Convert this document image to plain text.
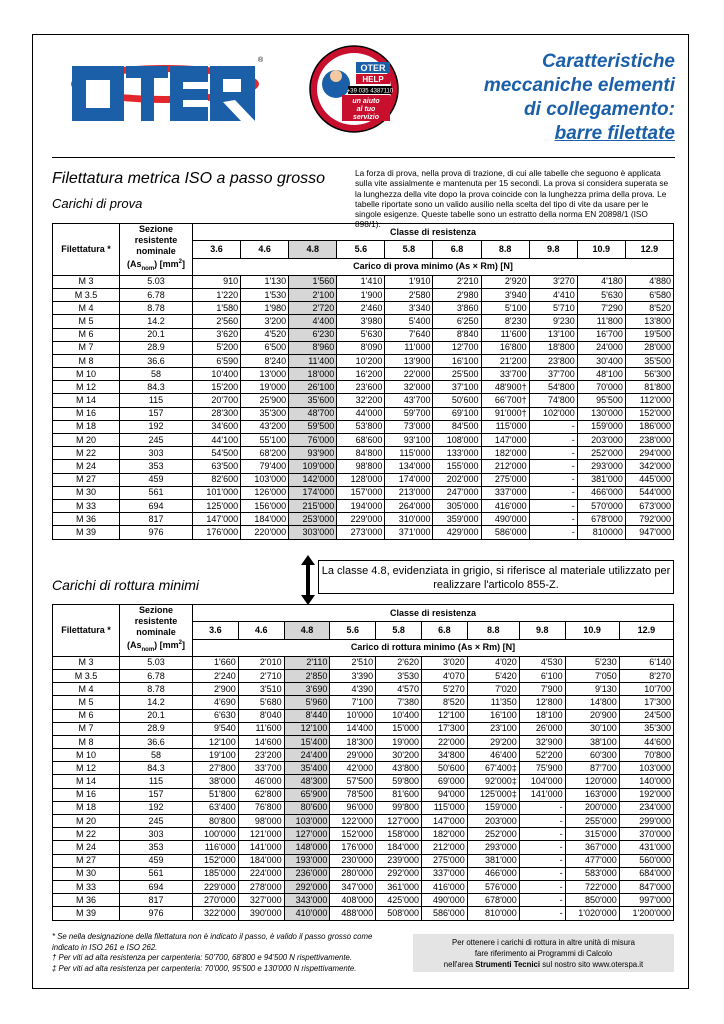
®
OTER
HELP
+39 035 4387110
un aiuto
al tuo
servizio
Caratteristiche
meccaniche elementi
di collegamento:
barre filettate
Filettatura metrica ISO a passo grosso
Carichi di prova
La forza di prova, nella prova di trazione, di cui alle tabelle che seguono è applicata sulla vite assialmente e mantenuta per 15 secondi. La prova si considera superata se la lunghezza della vite dopo la prova coincide con la lunghezza prima della prova. Le tabelle riportate sono un valido ausilio nella scelta del tipo di vite da usare per le singole esigenze. Queste tabelle sono un estratto della norma EN 20898/1 (ISO 898/1).
Filettatura *	Sezione
resistente
nominale
$(As_{nom})$ $[mm^2]$	Classe di resistenza									
		3.6	4.6	4.8	5.6	5.8	6.8	8.8	9.8	10.9	12.9
		Carico di prova minimo (As × Rm) [N]									
M 3	5.03	910	1'130	1'560	1'410	1'910	2'210	2'920	3'270	4'180	4'880
M 3.5	6.78	1'220	1'530	2'100	1'900	2'580	2'980	3'940	4'410	5'630	6'580
M 4	8.78	1'580	1'980	2'720	2'460	3'340	3'860	5'100	5'710	7'290	8'520
M 5	14.2	2'560	3'200	4'400	3'980	5'400	6'250	8'230	9'230	11'800	13'800
M 6	20.1	3'620	4'520	6'230	5'630	7'640	8'840	11'600	13'100	16'700	19'500
M 7	28.9	5'200	6'500	8'960	8'090	11'000	12'700	16'800	18'800	24'000	28'000
M 8	36.6	6'590	8'240	11'400	10'200	13'900	16'100	21'200	23'800	30'400	35'500
M 10	58	10'400	13'000	18'000	16'200	22'000	25'500	33'700	37'700	48'100	56'300
M 12	84.3	15'200	19'000	26'100	23'600	32'000	37'100	48'900†	54'800	70'000	81'800
M 14	115	20'700	25'900	35'600	32'200	43'700	50'600	66'700†	74'800	95'500	112'000
M 16	157	28'300	35'300	48'700	44'000	59'700	69'100	91'000†	102'000	130'000	152'000
M 18	192	34'600	43'200	59'500	53'800	73'000	84'500	115'000	-	159'000	186'000
M 20	245	44'100	55'100	76'000	68'600	93'100	108'000	147'000	-	203'000	238'000
M 22	303	54'500	68'200	93'900	84'800	115'000	133'000	182'000	-	252'000	294'000
M 24	353	63'500	79'400	109'000	98'800	134'000	155'000	212'000	-	293'000	342'000
M 27	459	82'600	103'000	142'000	128'000	174'000	202'000	275'000	-	381'000	445'000
M 30	561	101'000	126'000	174'000	157'000	213'000	247'000	337'000	-	466'000	544'000
M 33	694	125'000	156'000	215'000	194'000	264'000	305'000	416'000	-	570'000	673'000
M 36	817	147'000	184'000	253'000	229'000	310'000	359'000	490'000	-	678'000	792'000
M 39	976	176'000	220'000	303'000	273'000	371'000	429'000	586'000	-	810000	947'000
La classe 4.8, evidenziata in grigio, si riferisce al materiale utilizzato per realizzare l'articolo 855-Z.
Carichi di rottura minimi
Filettatura *	Sezione
resistente
nominale
$(As_{nom})$ $[mm^2]$	Classe di resistenza									
		3.6	4.6	4.8	5.6	5.8	6.8	8.8	9.8	10.9	12.9
		Carico di rottura minimo (As × Rm) [N]									
M 3	5.03	1'660	2'010	2'110	2'510	2'620	3'020	4'020	4'530	5'230	6'140
M 3.5	6.78	2'240	2'710	2'850	3'390	3'530	4'070	5'420	6'100	7'050	8'270
M 4	8.78	2'900	3'510	3'690	4'390	4'570	5'270	7'020	7'900	9'130	10'700
M 5	14.2	4'690	5'680	5'960	7'100	7'380	8'520	11'350	12'800	14'800	17'300
M 6	20.1	6'630	8'040	8'440	10'000	10'400	12'100	16'100	18'100	20'900	24'500
M 7	28.9	9'540	11'600	12'100	14'400	15'000	17'300	23'100	26'000	30'100	35'300
M 8	36.6	12'100	14'600	15'400	18'300	19'000	22'000	29'200	32'900	38'100	44'600
M 10	58	19'100	23'200	24'400	29'000	30'200	34'800	46'400	52'200	60'300	70'800
M 12	84.3	27'800	33'700	35'400	42'000	43'800	50'600	67'400‡	75'900	87'700	103'000
M 14	115	38'000	46'000	48'300	57'500	59'800	69'000	92'000‡	104'000	120'000	140'000
M 16	157	51'800	62'800	65'900	78'500	81'600	94'000	125'000‡	141'000	163'000	192'000
M 18	192	63'400	76'800	80'600	96'000	99'800	115'000	159'000	-	200'000	234'000
M 20	245	80'800	98'000	103'000	122'000	127'000	147'000	203'000	-	255'000	299'000
M 22	303	100'000	121'000	127'000	152'000	158'000	182'000	252'000	-	315'000	370'000
M 24	353	116'000	141'000	148'000	176'000	184'000	212'000	293'000	-	367'000	431'000
M 27	459	152'000	184'000	193'000	230'000	239'000	275'000	381'000	-	477'000	560'000
M 30	561	185'000	224'000	236'000	280'000	292'000	337'000	466'000	-	583'000	684'000
M 33	694	229'000	278'000	292'000	347'000	361'000	416'000	576'000	-	722'000	847'000
M 36	817	270'000	327'000	343'000	408'000	425'000	490'000	678'000	-	850'000	997'000
M 39	976	322'000	390'000	410'000	488'000	508'000	586'000	810'000	-	1'020'000	1'200'000
* Se nella designazione della filettatura non è indicato il passo, è valido il passo grosso come indicato in ISO 261 e ISO 262.
† Per viti ad alta resistenza per carpenteria: 50'700, 68'800 e 94'500 N rispettivamente.
‡ Per viti ad alta resistenza per carpenteria: 70'000, 95'500 e 130'000 N rispettivamente.
Per ottenere i carichi di rottura in altre unità di misura
fare riferimento ai Programmi di Calcolo
nell'area Strumenti Tecnici sul nostro sito www.oterspa.it
